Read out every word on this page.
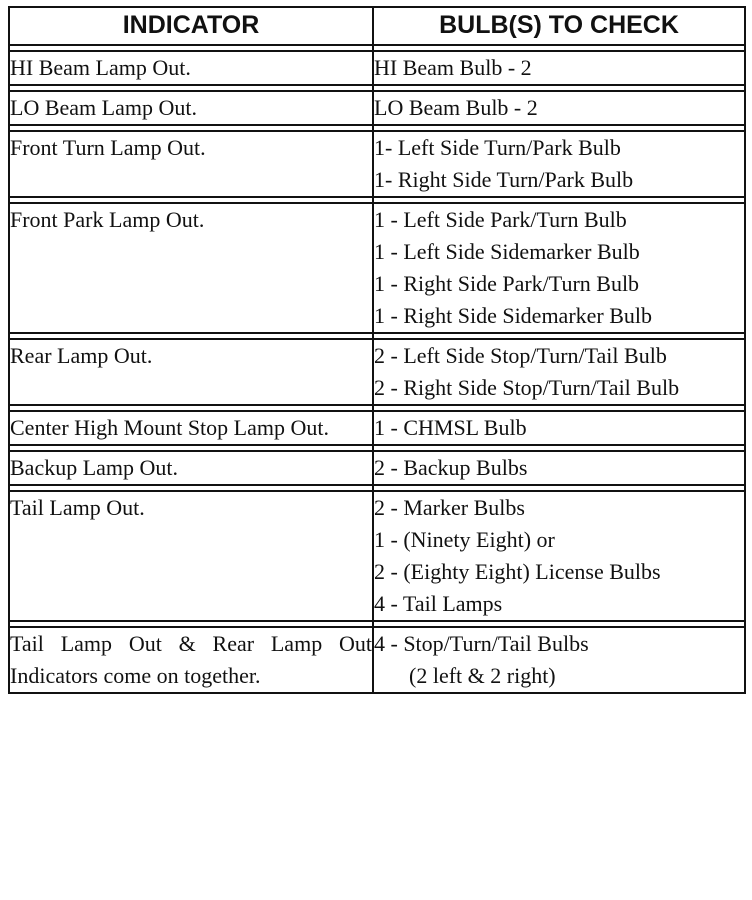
INDICATOR	BULB(S) TO CHECK

HI Beam Lamp Out.	HI Beam Bulb - 2

LO Beam Lamp Out.	LO Beam Bulb - 2

Front Turn Lamp Out.	1- Left Side Turn/Park Bulb
1- Right Side Turn/Park Bulb

Front Park Lamp Out.	1 - Left Side Park/Turn Bulb
1 - Left Side Sidemarker Bulb
1 - Right Side Park/Turn Bulb
1 - Right Side Sidemarker Bulb

Rear Lamp Out.	2 - Left Side Stop/Turn/Tail Bulb
2 - Right Side Stop/Turn/Tail Bulb

Center High Mount Stop Lamp Out.	1 - CHMSL Bulb

Backup Lamp Out.	2 - Backup Bulbs

Tail Lamp Out.	2 - Marker Bulbs
1 - (Ninety Eight) or
2 - (Eighty Eight) License Bulbs
4 - Tail Lamps

Tail Lamp Out & Rear Lamp Out Indicators come on together.	4 - Stop/Turn/Tail Bulbs
(2 left & 2 right)
